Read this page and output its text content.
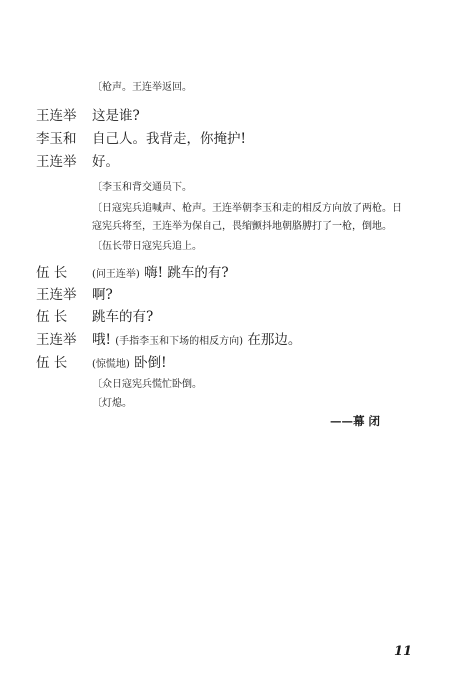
〔枪声。王连举返回。
王连举 这是谁?
李玉和 自己人。我背走，你掩护!
王连举 好。
〔李玉和背交通员下。
〔日寇宪兵追喊声、枪声。王连举朝李玉和走的相反方向放了两枪。日
寇宪兵将至，王连举为保自己，畏缩颤抖地朝胳膊打了一枪，倒地。
〔伍长带日寇宪兵追上。
伍 长 (问王连举) 嗨! 跳车的有?
王连举 啊?
伍 长 跳车的有?
王连举 哦! (手指李玉和下场的相反方向) 在那边。
伍 长 (惊慌地) 卧倒!
〔众日寇宪兵慌忙卧倒。
〔灯熄。
——幕 闭
11
